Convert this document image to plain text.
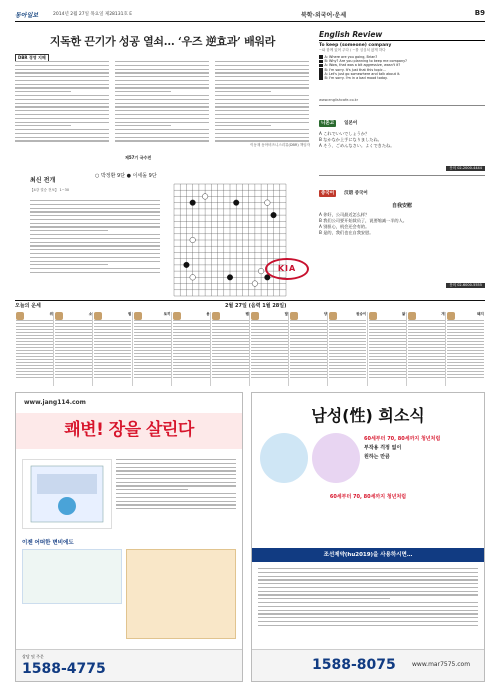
동아일보	2014년 2월 27일 목요일 제28131호 E	북학·외국어·운세	B9
지독한 끈기가 성공 열쇠… ‘우즈 逆효과’ 배워라
DBR 경영 지혜
이동재 동아비즈니스리뷰(DBR) 책임자
English Review
To keep (someone) company
~와 함께 있어 주다 / ~를 심심치 않게 하다
A: Where are you going, Brian?
B: Why? Are you planning to keep me company?
A: Wow, that was a bit aggressive, wasn't it?
B: I'm sorry. It's just that this topic...
A: Let's just go somewhere and talk about it.
B: I'm sorry. I'm in a bad mood today.
www.englishcafe.co.kr
니혼고 일본어
A これでいいでしょうか？
B なかなか上手になりましたね。
A そう、ごめんなさい。よくできたね。
문의 02-2000-4444
중국어 汉语 중국어
自我安慰
A 你好，公司最近怎么样？
B 我们公司要开始裁员了，说要缩减一半的人。
A 别担心，机会还会有的。
B 是的，我们也在自我安慰。
문의 02-6000-5555
제57기 국수전
최신 전개
○ 박정환 9단 ● 이세돌 9단
【4강 결승 전보】 1~30
KIA
오늘의 운세	2월 27일 (음력 1월 28일)
쥐	소	범	토끼	용	뱀	말	양	원숭이	닭	개	돼지
www.jang114.com
쾌변! 장을 살린다
이젠 어떠한 변비에도
상담 및 주문
1588-4775
남성(性) 희소식
60세부터 70, 80세까지 청년처럼
부작용 걱정 없이
원하는 만큼
60세부터 70, 80세까지 청년처럼
조선제약(hu2019)을 사용하시면…
1588-8075	www.mar7575.com
